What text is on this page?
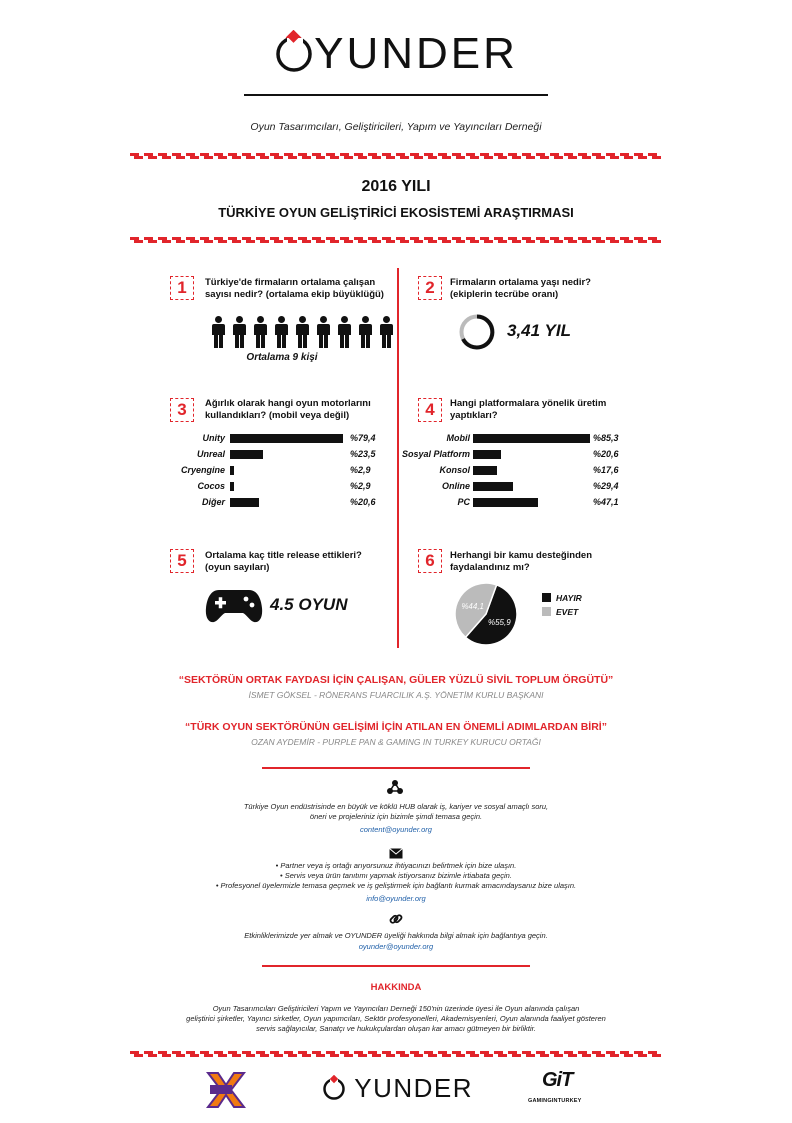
YUNDER
Oyun Tasarımcıları, Geliştiricileri, Yapım ve Yayıncıları Derneği
2016 YILI
TÜRKİYE OYUN GELİŞTİRİCİ EKOSİSTEMİ ARAŞTIRMASI
1	Türkiye'de firmaların ortalama çalışan
sayısı nedir? (ortalama ekip büyüklüğü)
Ortalama 9 kişi
2	Firmaların ortalama yaşı nedir?
(ekiplerin tecrübe oranı)
3,41 YIL
3	Ağırlık olarak hangi oyun motorlarını
kullandıkları? (mobil veya değil)
Unity	%79,4
Unreal	%23,5
Cryengine	%2,9
Cocos	%2,9
Diğer	%20,6
4	Hangi platformalara yönelik üretim
yaptıkları?
Mobil	%85,3
Sosyal Platform	%20,6
Konsol	%17,6
Online	%29,4
PC	%47,1
5	Ortalama kaç title release ettikleri?
(oyun sayıları)
4.5 OYUN
6	Herhangi bir kamu desteğinden
faydalandınız mı?
%55,9
%44,1
HAYIR
EVET
“SEKTÖRÜN ORTAK FAYDASI İÇİN ÇALIŞAN, GÜLER YÜZLÜ SİVİL TOPLUM ÖRGÜTÜ”
İSMET GÖKSEL - RÖNERANS FUARCILIK A.Ş. YÖNETİM KURLU BAŞKANI
“TÜRK OYUN SEKTÖRÜNÜN GELİŞİMİ İÇİN ATILAN EN ÖNEMLİ ADIMLARDAN BİRİ”
OZAN AYDEMİR - PURPLE PAN & GAMING IN TURKEY KURUCU ORTAĞI
Türkiye Oyun endüstrisinde en büyük ve köklü HUB olarak iş, kariyer ve sosyal amaçlı soru,
öneri ve projeleriniz için bizimle şimdi temasa geçin.
content@oyunder.org
• Partner veya iş ortağı arıyorsunuz ihtiyacınızı belirtmek için bize ulaşın.
• Servis veya ürün tanıtımı yapmak istiyorsanız bizimle irtiabata geçin.
• Profesyonel üyelermizle temasa geçmek ve iş geliştirmek için bağlantı kurmak amacındaysanız bize ulaşın.
info@oyunder.org
Etkinliklerimizde yer almak ve OYUNDER üyeliği hakkında bilgi almak için bağlantıya geçin.
oyunder@oyunder.org
HAKKINDA
Oyun Tasarımcıları Geliştiricileri Yapım ve Yayıncıları Derneği 150'nin üzerinde üyesi ile Oyun alanında çalışan
geliştirici şirketler, Yayıncı sirketler, Oyun yapımcıları, Sektör profesyonelleri, Akademisyenleri, Oyun alanında faaliyet gösteren
servis sağlayıcılar, Sanatçı ve hukukçulardan oluşan kar amacı gütmeyen bir birliktir.
YUNDER	GiT
GAMINGINTURKEY
